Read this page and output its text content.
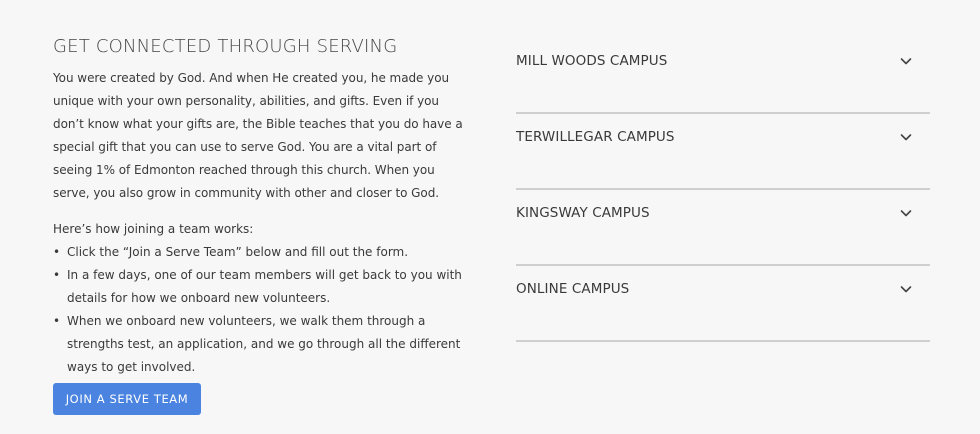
GET CONNECTED THROUGH SERVING

You were created by God. And when He created you, he made you unique with your own personality, abilities, and gifts. Even if you don’t know what your gifts are, the Bible teaches that you do have a special gift that you can use to serve God. You are a vital part of seeing 1% of Edmonton reached through this church. When you serve, you also grow in community with other and closer to God.

Here’s how joining a team works:

• Click the “Join a Serve Team” below and fill out the form.
• In a few days, one of our team members will get back to you with details for how we onboard new volunteers.
• When we onboard new volunteers, we walk them through a strengths test, an application, and we go through all the different ways to get involved.
JOIN A SERVE TEAM
MILL WOODS CAMPUS
TERWILLEGAR CAMPUS
KINGSWAY CAMPUS
ONLINE CAMPUS
